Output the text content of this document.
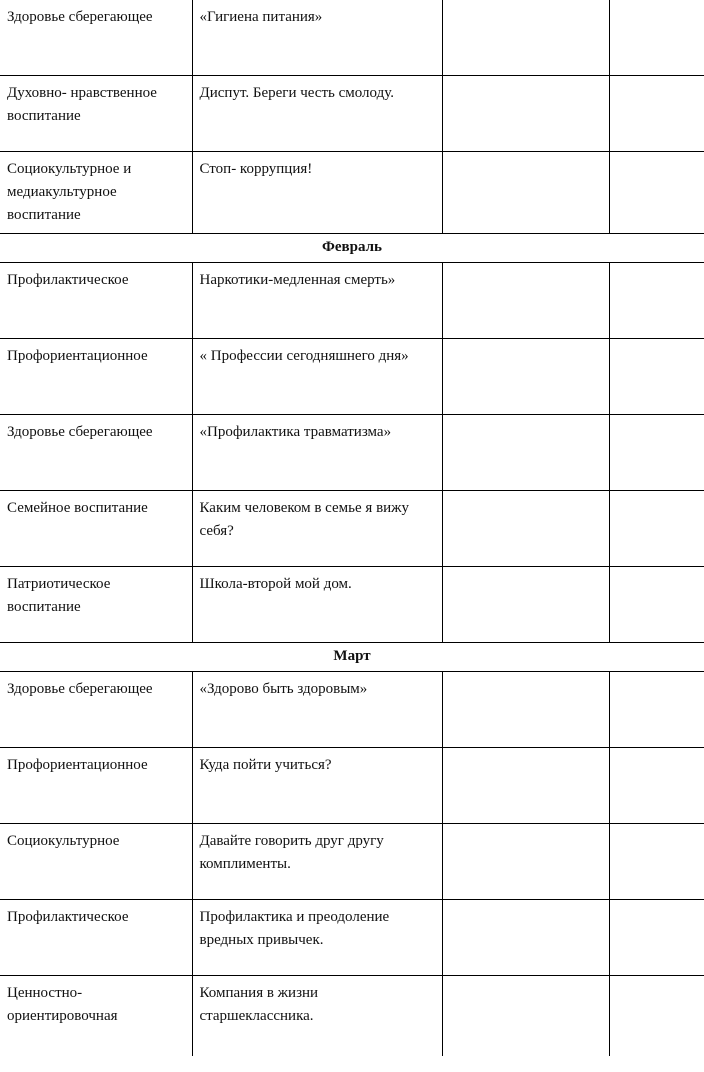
Здоровье сберегающее	«Гигиена питания»		
Духовно- нравственное воспитание	Диспут. Береги честь смолоду.		
Социокультурное и медиакультурное воспитание	Стоп- коррупция!		
Февраль			
Профилактическое	Наркотики-медленная смерть»		
Профориентационное	« Профессии сегодняшнего дня»		
Здоровье сберегающее	«Профилактика травматизма»		
Семейное воспитание	Каким человеком в семье я вижу себя?		
Патриотическое воспитание	Школа-второй мой дом.		
Март			
Здоровье сберегающее	«Здорово быть здоровым»		
Профориентационное	Куда пойти учиться?		
Социокультурное	Давайте говорить друг другу комплименты.		
Профилактическое	Профилактика и преодоление вредных привычек.		
Ценностно-ориентировочная	Компания в жизни старшеклассника.		
